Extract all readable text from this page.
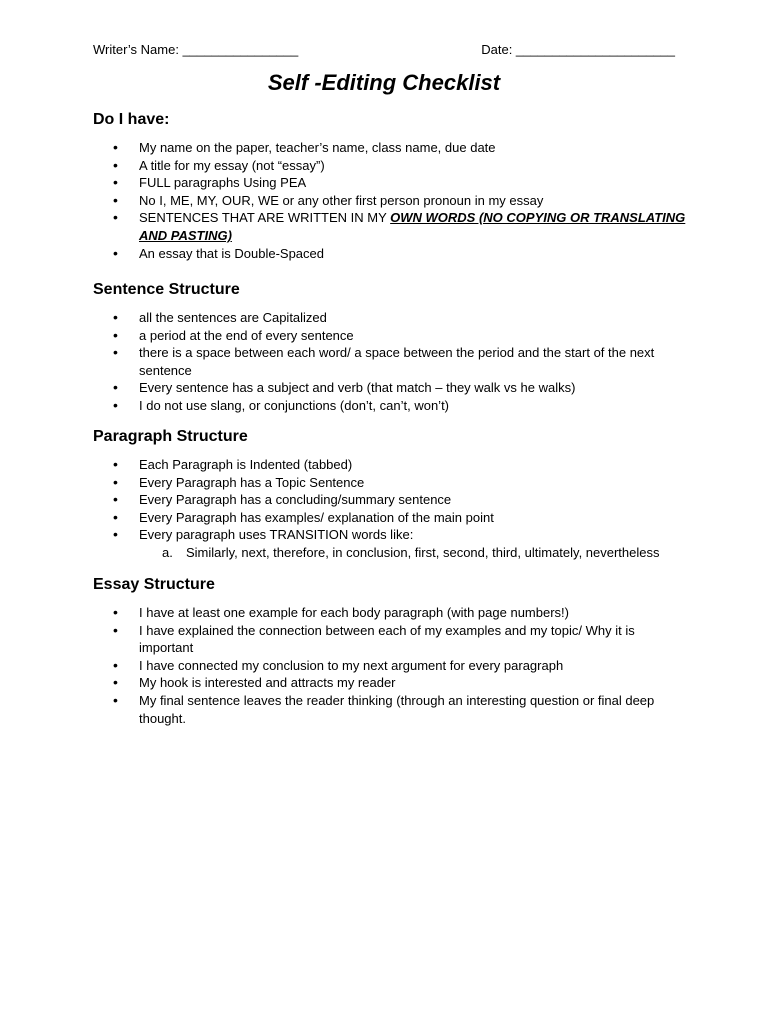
Writer’s Name: ________________	Date: ______________________
Self -Editing Checklist
Do I have:
• My name on the paper, teacher’s name, class name, due date
• A title for my essay (not “essay”)
• FULL paragraphs Using PEA
• No I, ME, MY, OUR, WE or any other first person pronoun in my essay
• SENTENCES THAT ARE WRITTEN IN MY OWN WORDS (NO COPYING OR TRANSLATING AND PASTING)
• An essay that is Double-Spaced
Sentence Structure
• all the sentences are Capitalized
• a period at the end of every sentence
• there is a space between each word/ a space between the period and the start of the next sentence
• Every sentence has a subject and verb (that match – they walk vs he walks)
• I do not use slang, or conjunctions (don’t, can’t, won’t)
Paragraph Structure
• Each Paragraph is Indented (tabbed)
• Every Paragraph has a Topic Sentence
• Every Paragraph has a concluding/summary sentence
• Every Paragraph has examples/ explanation of the main point
• Every paragraph uses TRANSITION words like:
a. Similarly, next, therefore, in conclusion, first, second, third, ultimately, nevertheless
Essay Structure
• I have at least one example for each body paragraph (with page numbers!)
• I have explained the connection between each of my examples and my topic/ Why it is important
• I have connected my conclusion to my next argument for every paragraph
• My hook is interested and attracts my reader
• My final sentence leaves the reader thinking (through an interesting question or final deep thought.
